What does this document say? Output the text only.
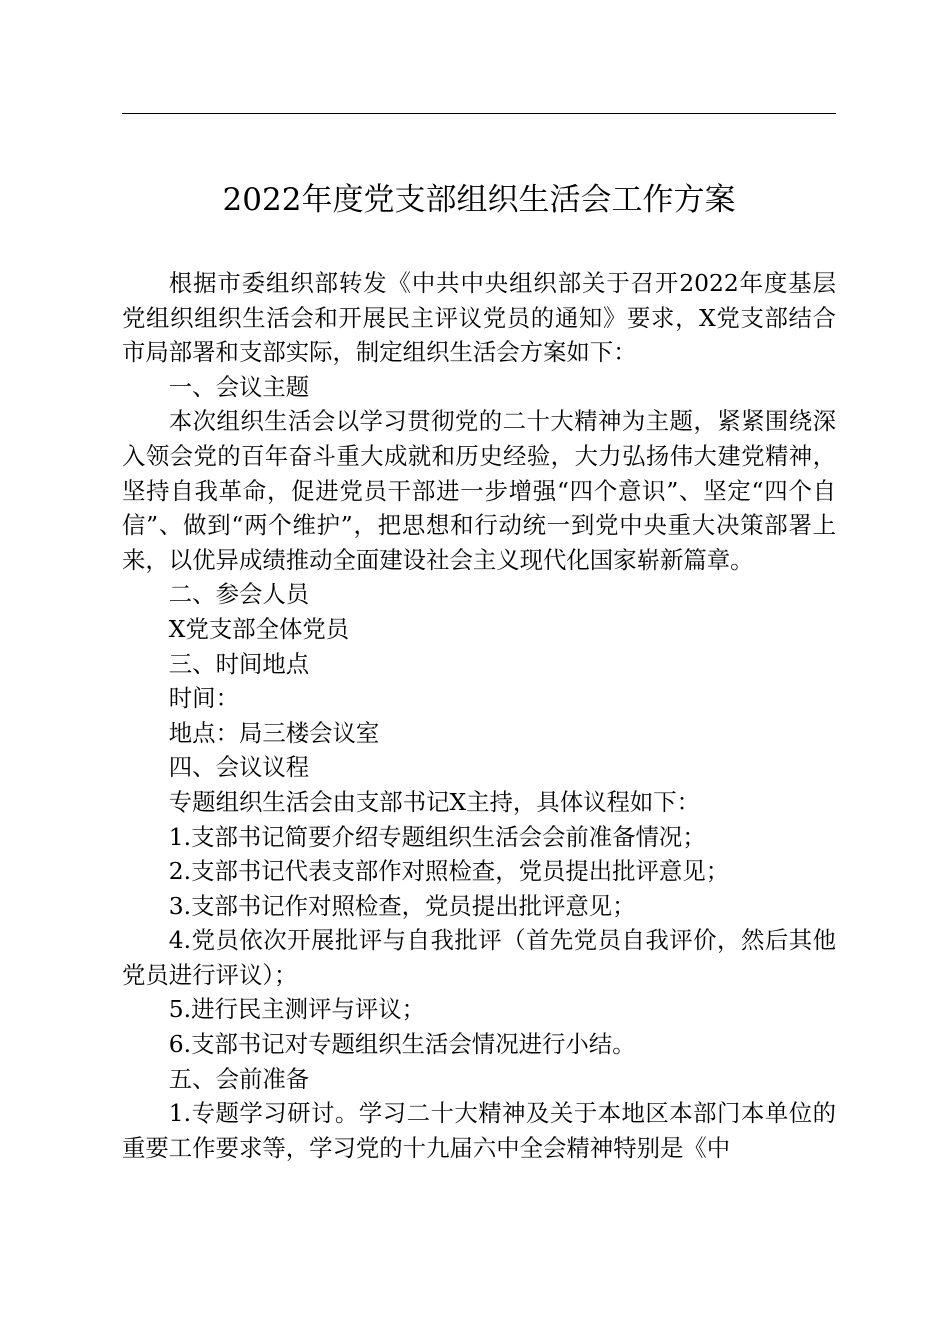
2022年度党支部组织生活会工作方案

根据市委组织部转发《中共中央组织部关于召开2022年度基层党组织组织生活会和开展民主评议党员的通知》要求，X党支部结合市局部署和支部实际，制定组织生活会方案如下：

一、会议主题

本次组织生活会以学习贯彻党的二十大精神为主题，紧紧围绕深入领会党的百年奋斗重大成就和历史经验，大力弘扬伟大建党精神，坚持自我革命，促进党员干部进一步增强“四个意识”、坚定“四个自信”、做到“两个维护”，把思想和行动统一到党中央重大决策部署上来，以优异成绩推动全面建设社会主义现代化国家崭新篇章。

二、参会人员

X党支部全体党员

三、时间地点

时间：

地点：局三楼会议室

四、会议议程

专题组织生活会由支部书记X主持，具体议程如下：

1.支部书记简要介绍专题组织生活会会前准备情况；

2.支部书记代表支部作对照检查，党员提出批评意见；

3.支部书记作对照检查，党员提出批评意见；

4.党员依次开展批评与自我批评（首先党员自我评价，然后其他党员进行评议）；

5.进行民主测评与评议；

6.支部书记对专题组织生活会情况进行小结。

五、会前准备

1.专题学习研讨。学习二十大精神及关于本地区本部门本单位的重要工作要求等，学习党的十九届六中全会精神特别是《中
